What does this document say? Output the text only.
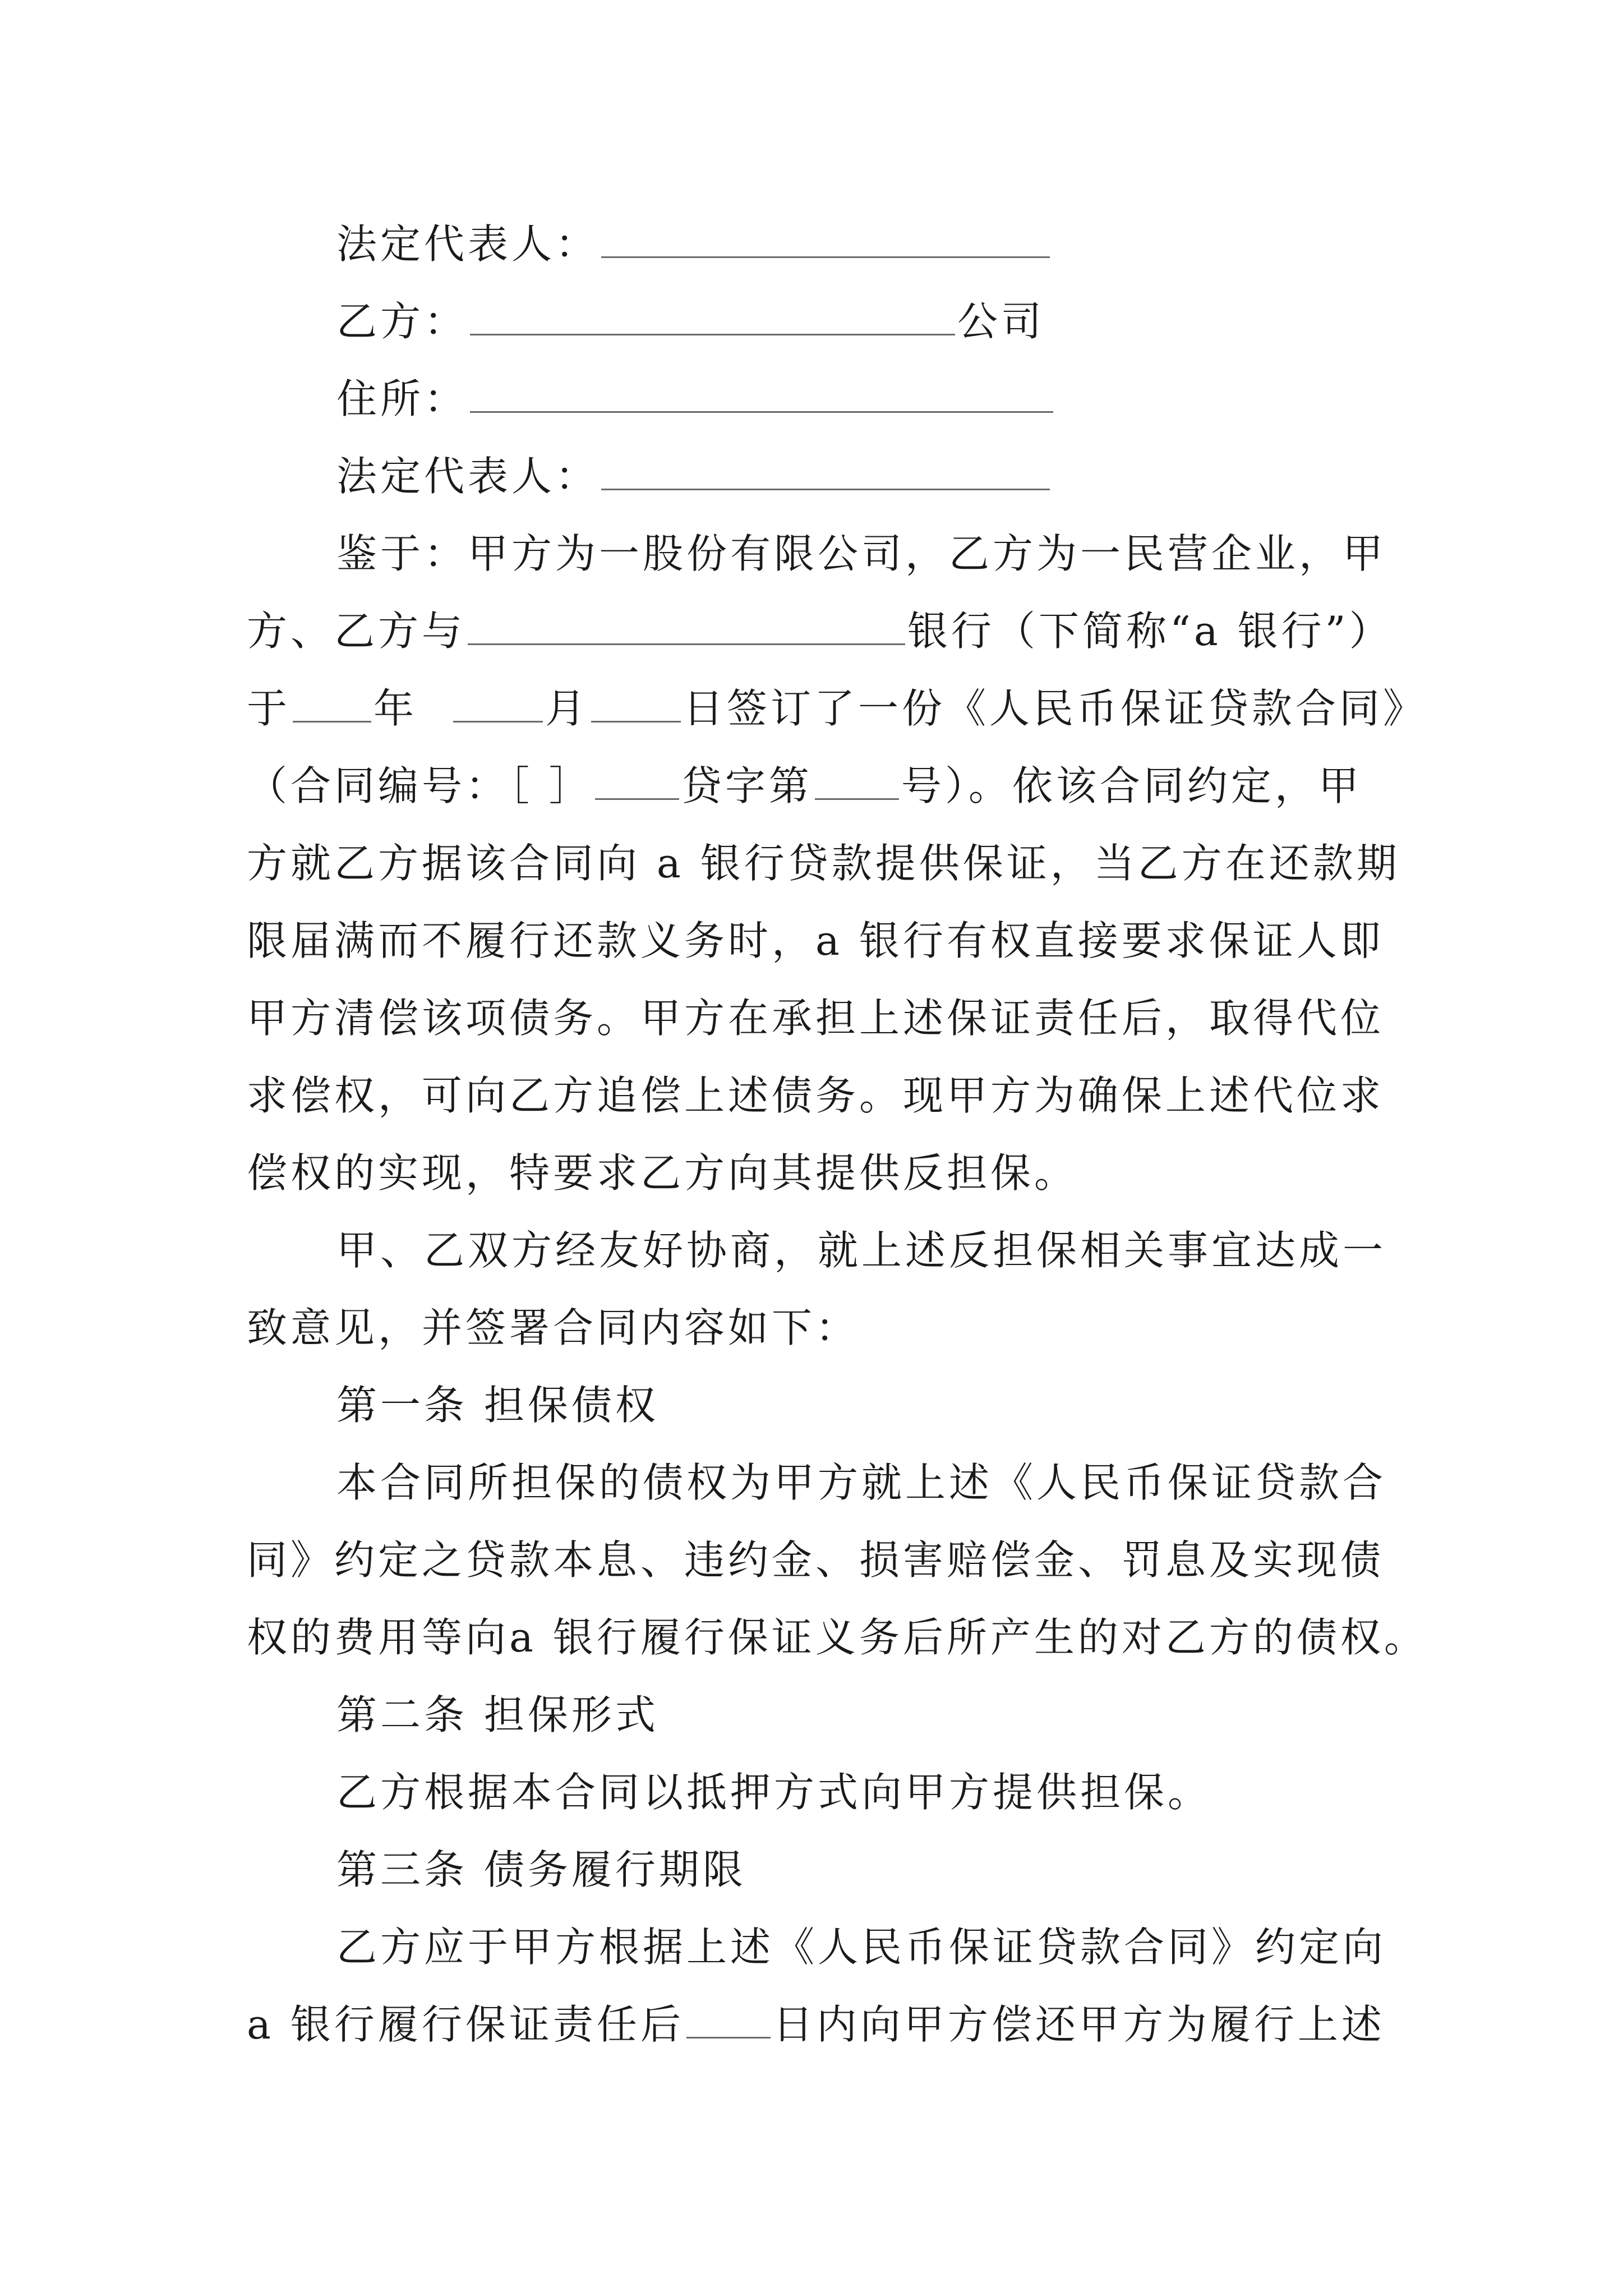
法定代表人：
乙方：	公司
住所：
法定代表人：
鉴于：甲方为一股份有限公司，乙方为一民营企业，甲
方、乙方与	银行（下简称“a 银行”）
于 年	月 日签订了一份《人民币保证贷款合同》
（合同编号：［ ］ 贷字第 号）。依该合同约定，甲
方就乙方据该合同向 a 银行贷款提供保证，当乙方在还款期
限届满而不履行还款义务时，a 银行有权直接要求保证人即
甲方清偿该项债务。甲方在承担上述保证责任后，取得代位
求偿权，可向乙方追偿上述债务。现甲方为确保上述代位求
偿权的实现，特要求乙方向其提供反担保。
甲、乙双方经友好协商，就上述反担保相关事宜达成一
致意见，并签署合同内容如下：
第一条 担保债权
本合同所担保的债权为甲方就上述《人民币保证贷款合
同》约定之贷款本息、违约金、损害赔偿金、罚息及实现债
权的费用等向a 银行履行保证义务后所产生的对乙方的债权。
第二条 担保形式
乙方根据本合同以抵押方式向甲方提供担保。
第三条 债务履行期限
乙方应于甲方根据上述《人民币保证贷款合同》约定向
a 银行履行保证责任后 日内向甲方偿还甲方为履行上述
